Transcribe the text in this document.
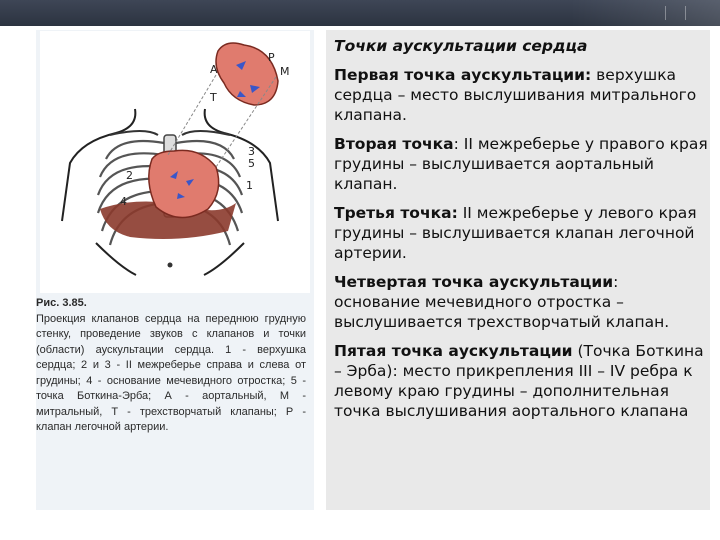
А
Т
Р
М
2
3
5
1
4
Рис. 3.85.
Проекция клапанов сердца на переднюю грудную стенку, проведение звуков с клапанов и точки (области) аускультации сердца. 1 - верхушка сердца; 2 и 3 - II межреберье справа и слева от грудины; 4 - основание мечевидного отростка; 5 - точка Боткина-Эрба; А - аортальный, М - митральный, Т - трехстворчатый клапаны; Р - клапан легочной артерии.
Точки аускультации сердца
Первая точка аускультации: верхушка сердца – место выслушивания митрального клапана.
Вторая точка: II межреберье у правого края грудины – выслушивается аортальный клапан.
Третья точка: II межреберье у левого края грудины – выслушивается клапан легочной артерии.
Четвертая точка аускультации: основание мечевидного отростка – выслушивается трехстворчатый клапан.
Пятая точка аускультации (Точка Боткина – Эрба): место прикрепления III – IV ребра к левому краю грудины – дополнительная точка выслушивания аортального клапана
